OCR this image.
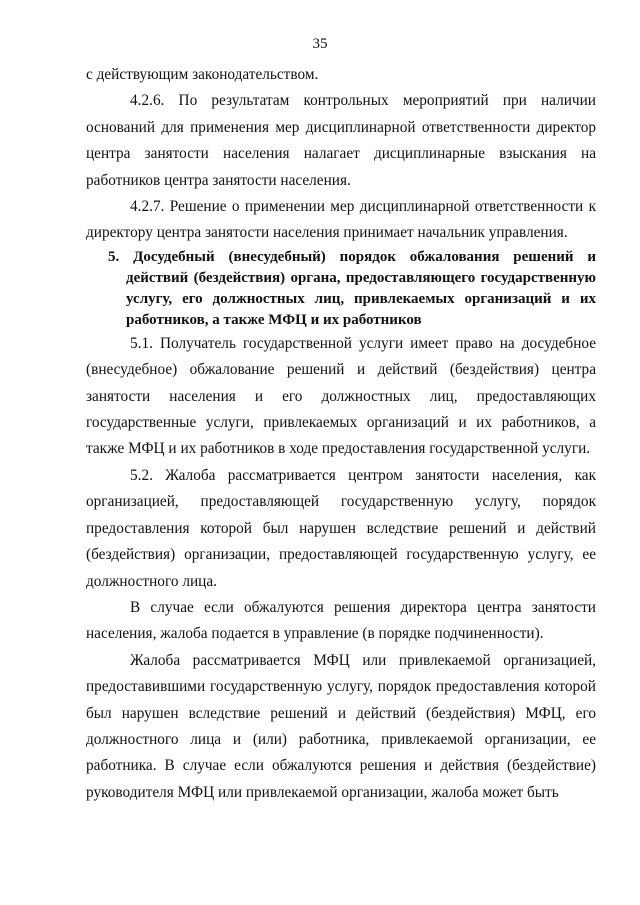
35

с действующим законодательством.

4.2.6. По результатам контрольных мероприятий при наличии оснований для применения мер дисциплинарной ответственности директор центра занятости населения налагает дисциплинарные взыскания на работников центра занятости населения.

4.2.7. Решение о применении мер дисциплинарной ответственности к директору центра занятости населения принимает начальник управления.

5. Досудебный (внесудебный) порядок обжалования решений и действий (бездействия) органа, предоставляющего государственную услугу, его должностных лиц, привлекаемых организаций и их работников, а также МФЦ и их работников

5.1. Получатель государственной услуги имеет право на досудебное (внесудебное) обжалование решений и действий (бездействия) центра занятости населения и его должностных лиц, предоставляющих государственные услуги, привлекаемых организаций и их работников, а также МФЦ и их работников в ходе предоставления государственной услуги.

5.2. Жалоба рассматривается центром занятости населения, как организацией, предоставляющей государственную услугу, порядок предоставления которой был нарушен вследствие решений и действий (бездействия) организации, предоставляющей государственную услугу, ее должностного лица.

В случае если обжалуются решения директора центра занятости населения, жалоба подается в управление (в порядке подчиненности).

Жалоба рассматривается МФЦ или привлекаемой организацией, предоставившими государственную услугу, порядок предоставления которой был нарушен вследствие решений и действий (бездействия) МФЦ, его должностного лица и (или) работника, привлекаемой организации, ее работника. В случае если обжалуются решения и действия (бездействие) руководителя МФЦ или привлекаемой организации, жалоба может быть
